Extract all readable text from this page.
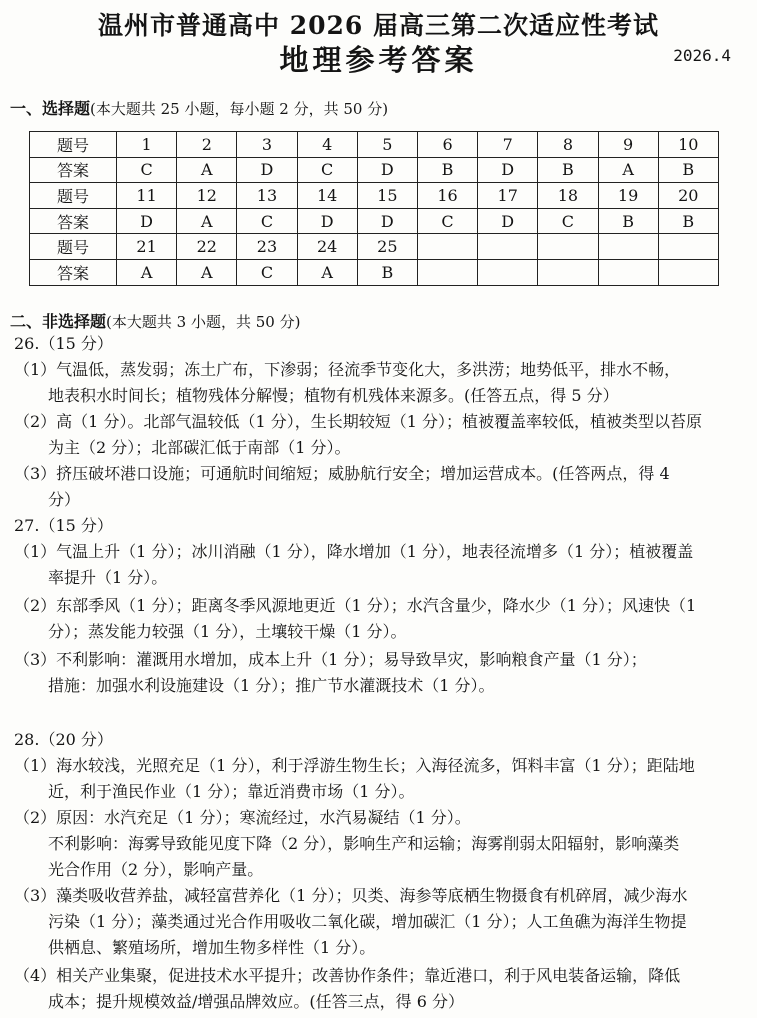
温州市普通高中 2026 届高三第二次适应性考试
地理参考答案	2026.4
一、选择题(本大题共 25 小题，每小题 2 分，共 50 分)
题号	1	2	3	4	5	6	7	8	9	10
答案	C	A	D	C	D	B	D	B	A	B
题号	11	12	13	14	15	16	17	18	19	20
答案	D	A	C	D	D	C	D	C	B	B
题号	21	22	23	24	25					
答案	A	A	C	A	B					
二、非选择题(本大题共 3 小题，共 50 分)
26.（15 分）
（1）气温低，蒸发弱；冻土广布，下渗弱；径流季节变化大，多洪涝；地势低平，排水不畅，
地表积水时间长；植物残体分解慢；植物有机残体来源多。(任答五点，得 5 分）
（2）高（1 分）。北部气温较低（1 分），生长期较短（1 分）；植被覆盖率较低，植被类型以苔原
为主（2 分）；北部碳汇低于南部（1 分）。
（3）挤压破坏港口设施；可通航时间缩短；威胁航行安全；增加运营成本。(任答两点，得 4
分）
27.（15 分）
（1）气温上升（1 分）；冰川消融（1 分），降水增加（1 分），地表径流增多（1 分）；植被覆盖
率提升（1 分）。
（2）东部季风（1 分）；距离冬季风源地更近（1 分）；水汽含量少，降水少（1 分）；风速快（1
分）；蒸发能力较强（1 分），土壤较干燥（1 分）。
（3）不利影响：灌溉用水增加，成本上升（1 分）；易导致旱灾，影响粮食产量（1 分）；
措施：加强水利设施建设（1 分）；推广节水灌溉技术（1 分）。
28.（20 分）
（1）海水较浅，光照充足（1 分），利于浮游生物生长；入海径流多，饵料丰富（1 分）；距陆地
近，利于渔民作业（1 分）；靠近消费市场（1 分）。
（2）原因：水汽充足（1 分）；寒流经过，水汽易凝结（1 分）。
不利影响：海雾导致能见度下降（2 分），影响生产和运输；海雾削弱太阳辐射，影响藻类
光合作用（2 分），影响产量。
（3）藻类吸收营养盐，减轻富营养化（1 分）；贝类、海参等底栖生物摄食有机碎屑，减少海水
污染（1 分）；藻类通过光合作用吸收二氧化碳，增加碳汇（1 分）；人工鱼礁为海洋生物提
供栖息、繁殖场所，增加生物多样性（1 分）。
（4）相关产业集聚，促进技术水平提升；改善协作条件；靠近港口，利于风电装备运输，降低
成本；提升规模效益/增强品牌效应。(任答三点，得 6 分）
